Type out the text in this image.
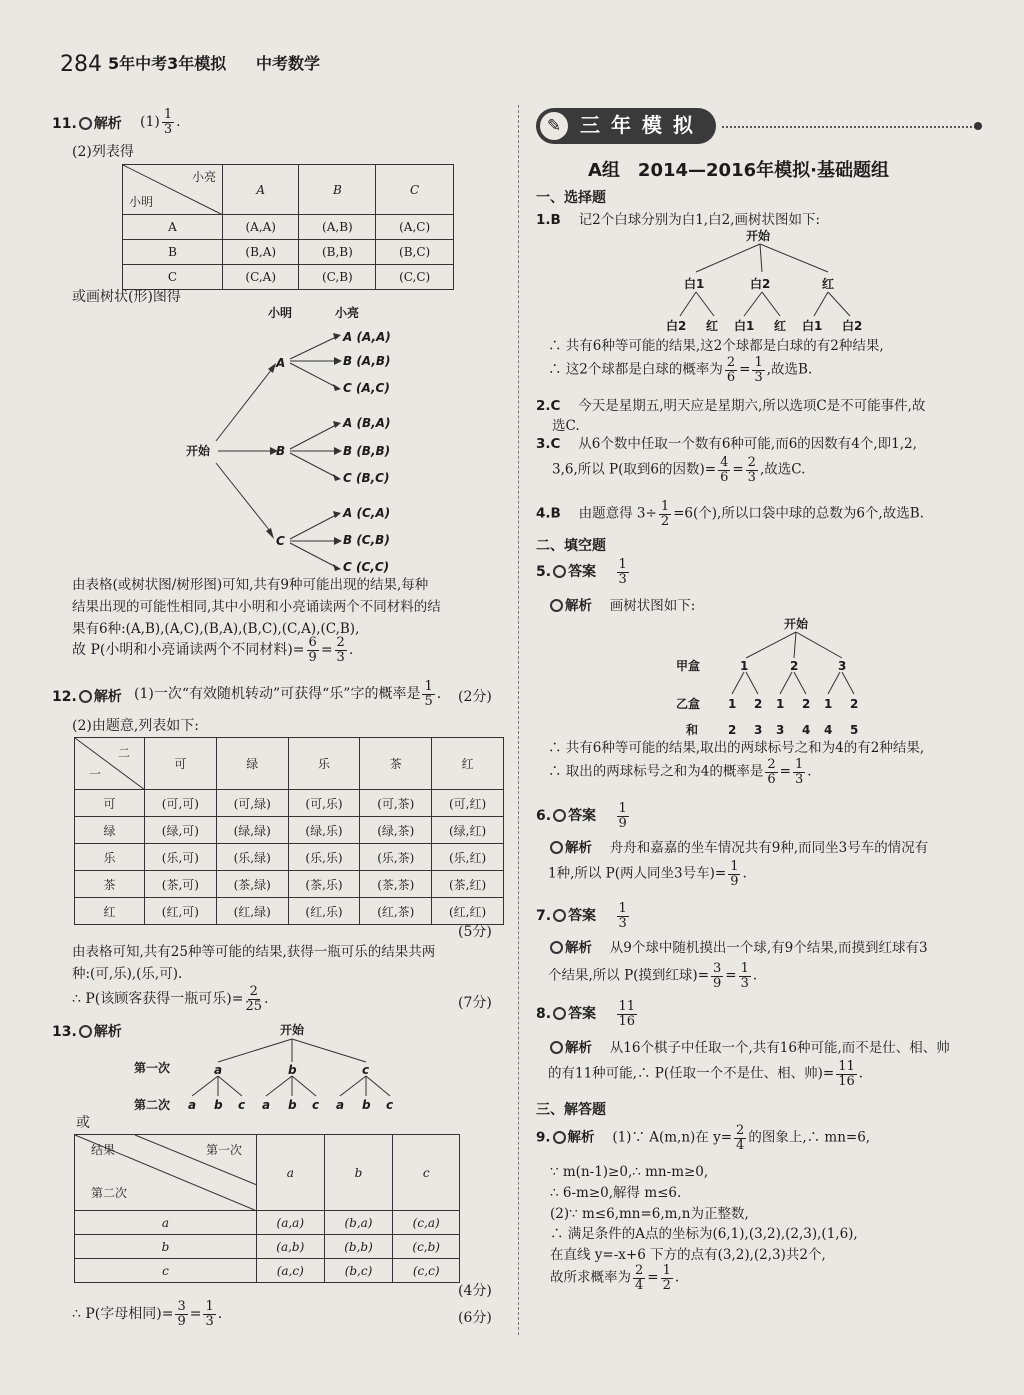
284 5年中考3年模拟 中考数学
11. 解析 $(1) \frac{1}{3}$ .
(2)列表得
小亮
小明	A	B	C
A	(A,A)	(A,B)	(A,C)
B	(B,A)	(B,B)	(B,C)
C	(C,A)	(C,B)	(C,C)
或画树状(形)图得
小明	小亮
开始
A
B
C
A (A,A)
B (A,B)
C (A,C)
A (B,A)
B (B,B)
C (B,C)
A (C,A)
B (C,B)
C (C,C)
由表格(或树状图/树形图)可知,共有9种可能出现的结果,每种
结果出现的可能性相同,其中小明和小亮诵读两个不同材料的结
果有6种:(A,B),(A,C),(B,A),(B,C),(C,A),(C,B),
故 P(小明和小亮诵读两个不同材料)= $\frac{6}{9} = \frac{2}{3}$ .
12. 解析 (1)一次“有效随机转动”可获得“乐”字的概率是 $\frac{1}{5}$ . (2分)
(2)由题意,列表如下:
二
一	可	绿	乐	茶	红
可	(可,可)	(可,绿)	(可,乐)	(可,茶)	(可,红)
绿	(绿,可)	(绿,绿)	(绿,乐)	(绿,茶)	(绿,红)
乐	(乐,可)	(乐,绿)	(乐,乐)	(乐,茶)	(乐,红)
茶	(茶,可)	(茶,绿)	(茶,乐)	(茶,茶)	(茶,红)
红	(红,可)	(红,绿)	(红,乐)	(红,茶)	(红,红)
(5分)
由表格可知,共有25种等可能的结果,获得一瓶可乐的结果共两
种:(可,乐),(乐,可).
∴ P(该顾客获得一瓶可乐)= $\frac{2}{25}$ .	(7分)
13. 解析	开始
第一次
第二次
a	b	c
a b c a b c a b c
或
结果 第一次
第二次	a	b	c
a	(a,a)	(b,a)	(c,a)
b	(a,b)	(b,b)	(c,b)
c	(a,c)	(b,c)	(c,c)
(4分)
∴ P(字母相同)= $\frac{3}{9} = \frac{1}{3}$ .	(6分)
✎ 三 年 模 拟
A组　2014—2016年模拟·基础题组
一、选择题
1.B　 记2个白球分别为白1,白2,画树状图如下:
开始
白1	白2	红
白2 红 白1 红 白1 白2
∴ 共有6种等可能的结果,这2个球都是白球的有2种结果,
∴ 这2个球都是白球的概率为 $\frac{2}{6} = \frac{1}{3}$ ,故选B.
2.C　 今天是星期五,明天应是星期六,所以选项C是不可能事件,故
选C.
3.C　 从6个数中任取一个数有6种可能,而6的因数有4个,即1,2,
3,6,所以 P(取到6的因数)= $\frac{4}{6} = \frac{2}{3}$ ,故选C.
4.B　 由题意得 $3\div \frac{1}{2} =6$(个),所以口袋中球的总数为6个,故选B.
二、填空题
5. 答案　 $\frac{1}{3}$
解析　 画树状图如下:
开始
甲盒
乙盒
和
1	2	3
1 2 1 2 1 2
2 3 3 4 4 5
∴ 共有6种等可能的结果,取出的两球标号之和为4的有2种结果,
∴ 取出的两球标号之和为4的概率是 $\frac{2}{6} = \frac{1}{3}$ .
6. 答案　 $\frac{1}{9}$
解析　 舟舟和嘉嘉的坐车情况共有9种,而同坐3号车的情况有
1种,所以 P(两人同坐3号车)= $\frac{1}{9}$ .
7. 答案　 $\frac{1}{3}$
解析　 从9个球中随机摸出一个球,有9个结果,而摸到红球有3
个结果,所以 P(摸到红球)= $\frac{3}{9} = \frac{1}{3}$ .
8. 答案　 $\frac{11}{16}$
解析　 从16个棋子中任取一个,共有16种可能,而不是仕、相、帅
的有11种可能,∴ P(任取一个不是仕、相、帅)= $\frac{11}{16}$ .
三、解答题
9. 解析　 (1)∵ A(m,n)在 $y= \frac{2}{4}$ 的图象上,∴ mn=6,
∵ m(n-1)≥0,∴ mn-m≥0,
∴ 6-m≥0,解得 m≤6.
(2)∵ m≤6,mn=6,m,n为正整数,
∴ 满足条件的A点的坐标为(6,1),(3,2),(2,3),(1,6),
在直线 y=-x+6 下方的点有(3,2),(2,3)共2个,
故所求概率为 $\frac{2}{4} = \frac{1}{2}$ .
